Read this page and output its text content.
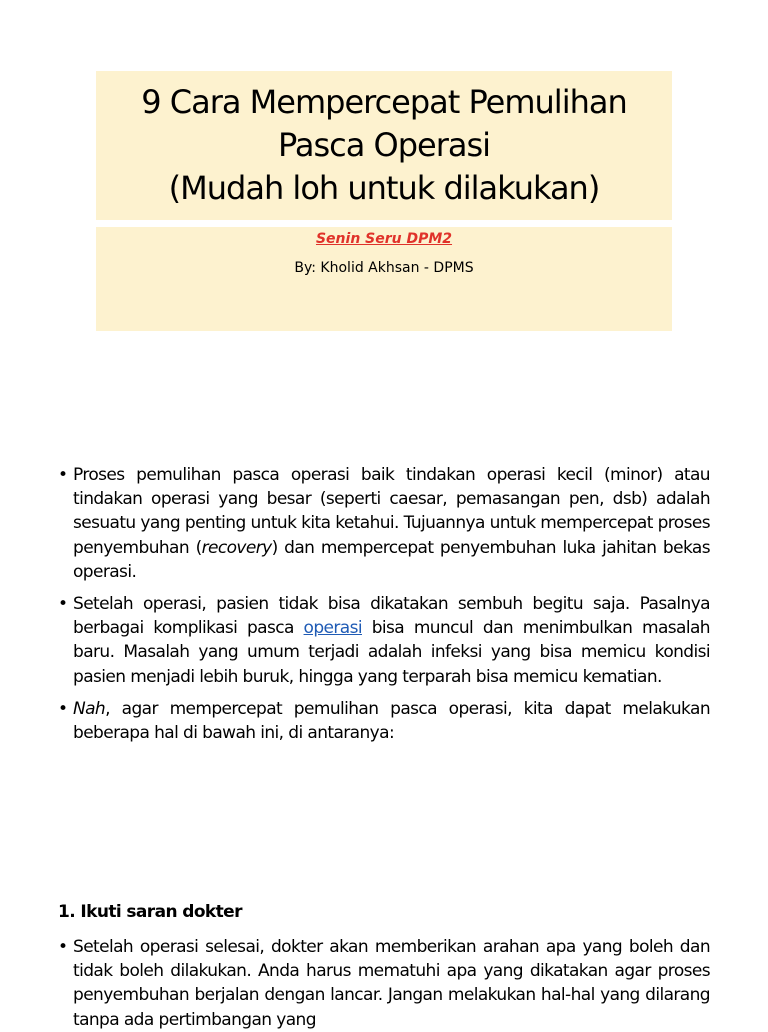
9 Cara Mempercepat Pemulihan
Pasca Operasi
(Mudah loh untuk dilakukan)
Senin Seru DPM2
By: Kholid Akhsan - DPMS
• Proses pemulihan pasca operasi baik tindakan operasi kecil (minor) atau tindakan operasi yang besar (seperti caesar, pemasangan pen, dsb) adalah sesuatu yang penting untuk kita ketahui. Tujuannya untuk mempercepat proses penyembuhan (recovery) dan mempercepat penyembuhan luka jahitan bekas operasi.
• Setelah operasi, pasien tidak bisa dikatakan sembuh begitu saja. Pasalnya berbagai komplikasi pasca operasi bisa muncul dan menimbulkan masalah baru. Masalah yang umum terjadi adalah infeksi yang bisa memicu kondisi pasien menjadi lebih buruk, hingga yang terparah bisa memicu kematian.
• Nah, agar mempercepat pemulihan pasca operasi, kita dapat melakukan beberapa hal di bawah ini, di antaranya:
1. Ikuti saran dokter
• Setelah operasi selesai, dokter akan memberikan arahan apa yang boleh dan tidak boleh dilakukan. Anda harus mematuhi apa yang dikatakan agar proses penyembuhan berjalan dengan lancar. Jangan melakukan hal-hal yang dilarang tanpa ada pertimbangan yang
